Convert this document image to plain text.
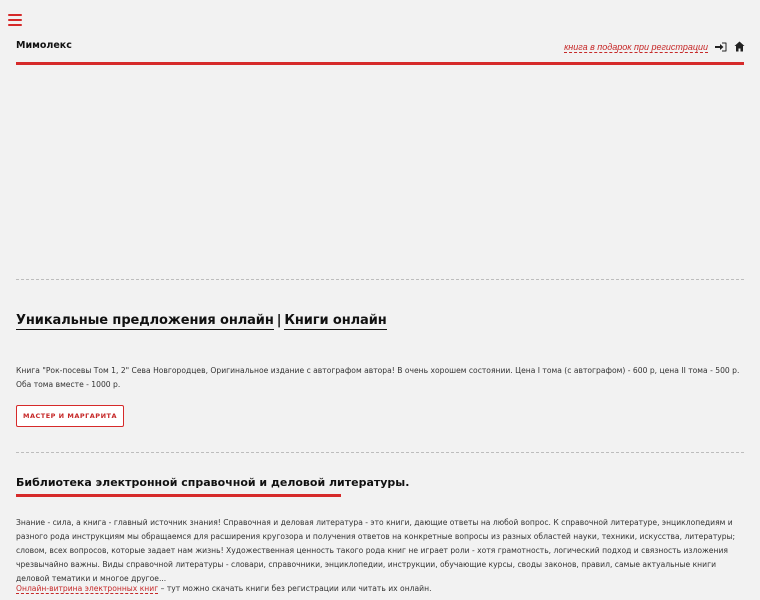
Мимолекс	книга в подарок при регистрации
Уникальные предложения онлайн | Книги онлайн
Книга "Рок-посевы Том 1, 2" Сева Новгородцев, Оригинальное издание с автографом автора! В очень хорошем состоянии. Цена I тома (с автографом) - 600 р, цена II тома - 500 р. Оба тома вместе - 1000 р.
МАСТЕР И МАРГАРИТА
Библиотека электронной справочной и деловой литературы.
Знание - сила, а книга - главный источник знания! Справочная и деловая литература - это книги, дающие ответы на любой вопрос. К справочной литературе, энциклопедиям и разного рода инструкциям мы обращаемся для расширения кругозора и получения ответов на конкретные вопросы из разных областей науки, техники, искусства, литературы; словом, всех вопросов, которые задает нам жизнь! Художественная ценность такого рода книг не играет роли - хотя грамотность, логический подход и связность изложения чрезвычайно важны. Виды справочной литературы - словари, справочники, энциклопедии, инструкции, обучающие курсы, своды законов, правил, самые актуальные книги деловой тематики и многое другое...
Онлайн-витрина электронных книг – тут можно скачать книги без регистрации или читать их онлайн.
